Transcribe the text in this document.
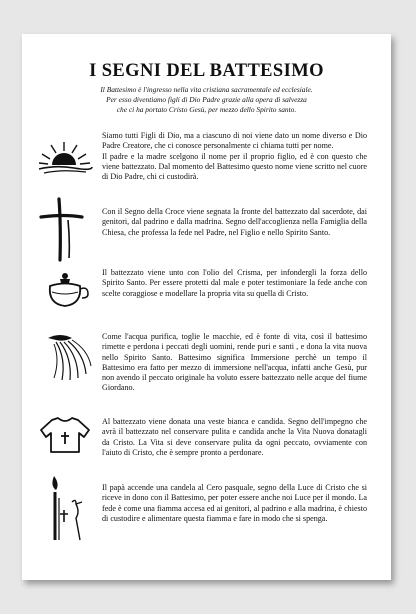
I SEGNI DEL BATTESIMO
Il Battesimo è l'ingresso nella vita cristiana sacramentale ed ecclesiale.
Per esso diventiamo figli di Dio Padre grazie alla opera di salvezza
che ci ha portato Cristo Gesù, per mezzo dello Spirito santo.

Siamo tutti Figli di Dio, ma a ciascuno di noi viene dato un nome diverso e Dio Padre Creatore, che ci conosce personalmente ci chiama tutti per nome.

Il padre e la madre scelgono il nome per il proprio figlio, ed è con questo che viene battezzato. Dal momento del Battesimo questo nome viene scritto nel cuore di Dio Padre, chi ci custodirà.

Con il Segno della Croce viene segnata la fronte del battezzato dal sacerdote, dai genitori, dal padrino e dalla madrina. Segno dell'accoglienza nella Famiglia della Chiesa, che professa la fede nel Padre, nel Figlio e nello Spirito Santo.

Il battezzato viene unto con l'olio del Crisma, per infondergli la forza dello Spirito Santo. Per essere protetti dal male e poter testimoniare la fede anche con scelte coraggiose e modellare la propria vita su quella di Cristo.

Come l'acqua purifica, toglie le macchie, ed è fonte di vita, così il battesimo rimette e perdona i peccati degli uomini, rende puri e santi , e dona la vita nuova nello Spirito Santo. Battesimo significa Immersione perchè un tempo il Battesimo era fatto per mezzo di immersione nell'acqua, infatti anche Gesù, pur non avendo il peccato originale ha voluto essere battezzato nelle acque del fiume Giordano.

Al battezzato viene donata una veste bianca e candida. Segno dell'impegno che avrà il battezzato nel conservare pulita e candida anche la Vita Nuova donatagli da Cristo. La Vita si deve conservare pulita da ogni peccato, ovviamente con l'aiuto di Cristo, che è sempre pronto a perdonare.

Il papà accende una candela al Cero pasquale, segno della Luce di Cristo che si riceve in dono con il Battesimo, per poter essere anche noi Luce per il mondo. La fede è come una fiamma accesa ed ai genitori, al padrino e alla madrina, è chiesto di custodire e alimentare questa fiamma e fare in modo che si spenga.
